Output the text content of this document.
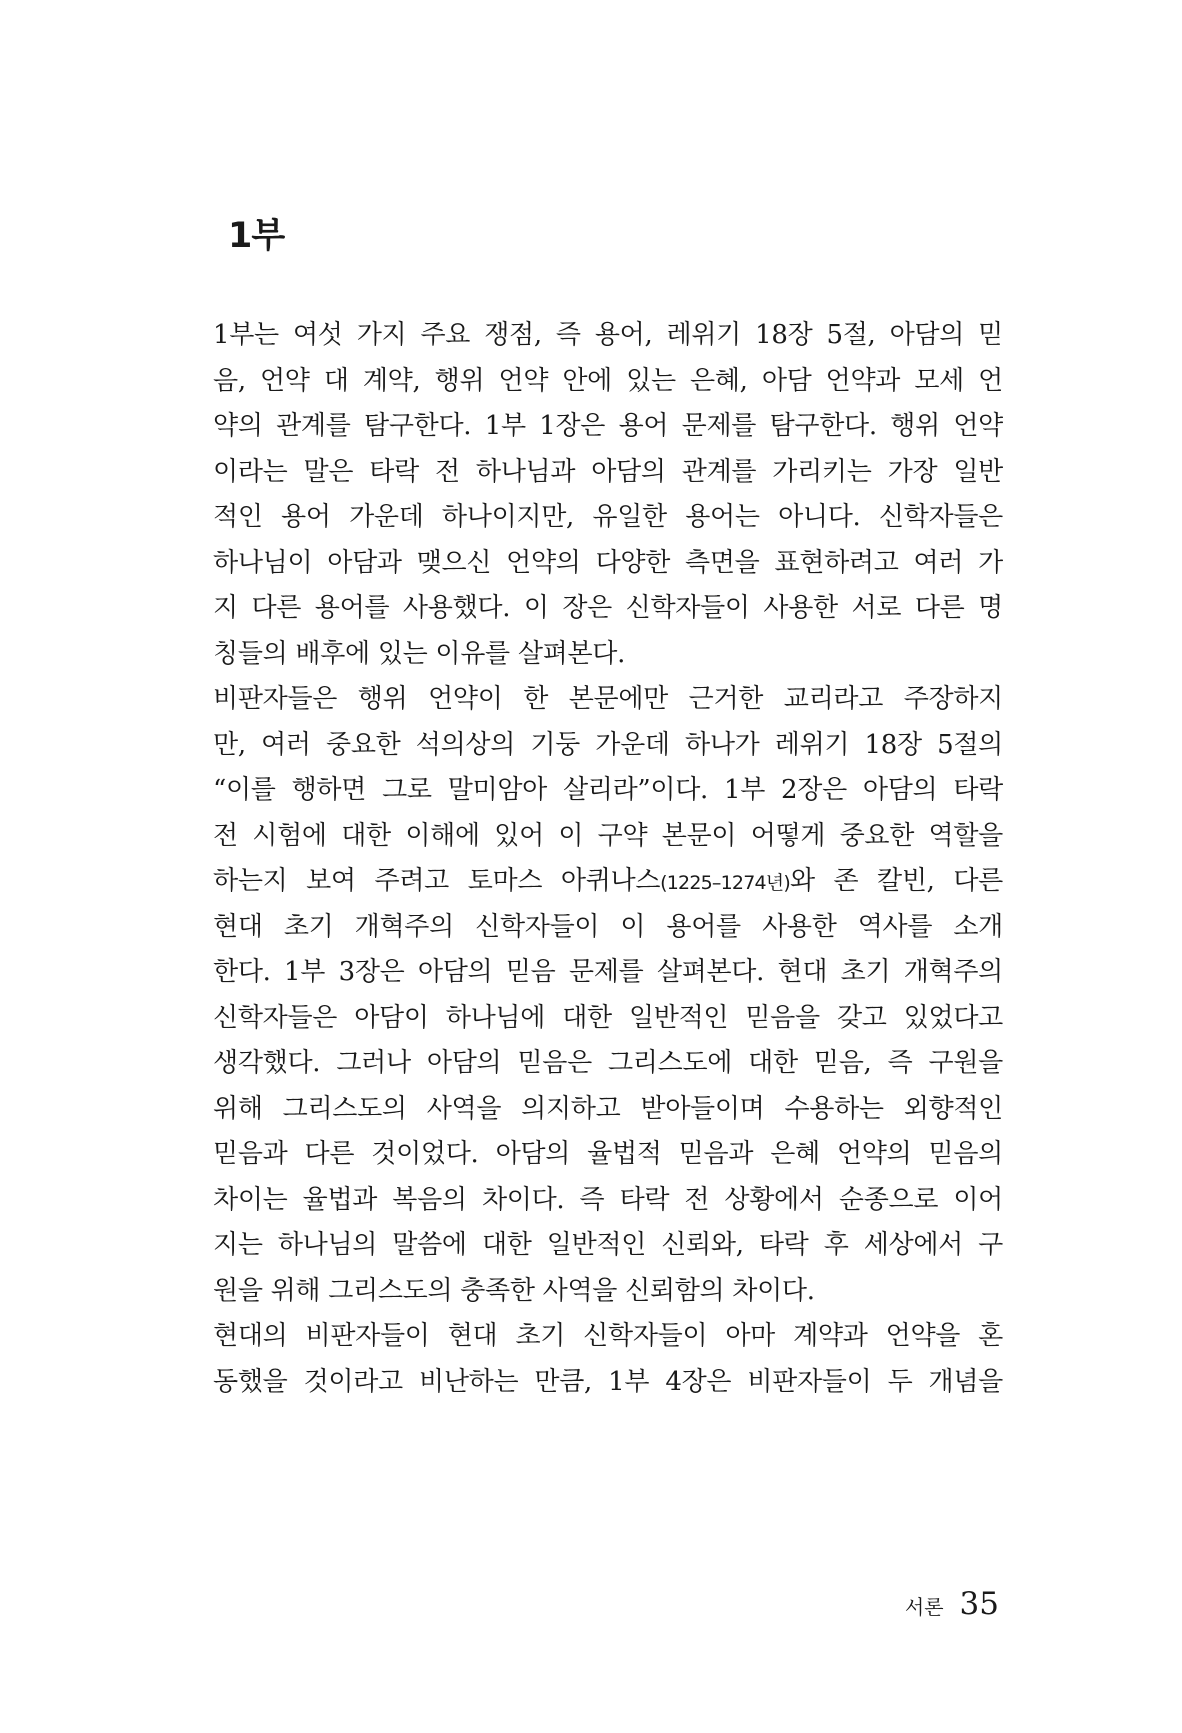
1부
1부는 여섯 가지 주요 쟁점, 즉 용어, 레위기 18장 5절, 아담의 믿
음, 언약 대 계약, 행위 언약 안에 있는 은혜, 아담 언약과 모세 언
약의 관계를 탐구한다. 1부 1장은 용어 문제를 탐구한다. 행위 언약
이라는 말은 타락 전 하나님과 아담의 관계를 가리키는 가장 일반
적인 용어 가운데 하나이지만, 유일한 용어는 아니다. 신학자들은
하나님이 아담과 맺으신 언약의 다양한 측면을 표현하려고 여러 가
지 다른 용어를 사용했다. 이 장은 신학자들이 사용한 서로 다른 명
칭들의 배후에 있는 이유를 살펴본다.
비판자들은 행위 언약이 한 본문에만 근거한 교리라고 주장하지
만, 여러 중요한 석의상의 기둥 가운데 하나가 레위기 18장 5절의
“이를 행하면 그로 말미암아 살리라”이다. 1부 2장은 아담의 타락
전 시험에 대한 이해에 있어 이 구약 본문이 어떻게 중요한 역할을
하는지 보여 주려고 토마스 아퀴나스(1225–1274년)와 존 칼빈, 다른
현대 초기 개혁주의 신학자들이 이 용어를 사용한 역사를 소개
한다. 1부 3장은 아담의 믿음 문제를 살펴본다. 현대 초기 개혁주의
신학자들은 아담이 하나님에 대한 일반적인 믿음을 갖고 있었다고
생각했다. 그러나 아담의 믿음은 그리스도에 대한 믿음, 즉 구원을
위해 그리스도의 사역을 의지하고 받아들이며 수용하는 외향적인
믿음과 다른 것이었다. 아담의 율법적 믿음과 은혜 언약의 믿음의
차이는 율법과 복음의 차이다. 즉 타락 전 상황에서 순종으로 이어
지는 하나님의 말씀에 대한 일반적인 신뢰와, 타락 후 세상에서 구
원을 위해 그리스도의 충족한 사역을 신뢰함의 차이다.
현대의 비판자들이 현대 초기 신학자들이 아마 계약과 언약을 혼
동했을 것이라고 비난하는 만큼, 1부 4장은 비판자들이 두 개념을
서론 35
